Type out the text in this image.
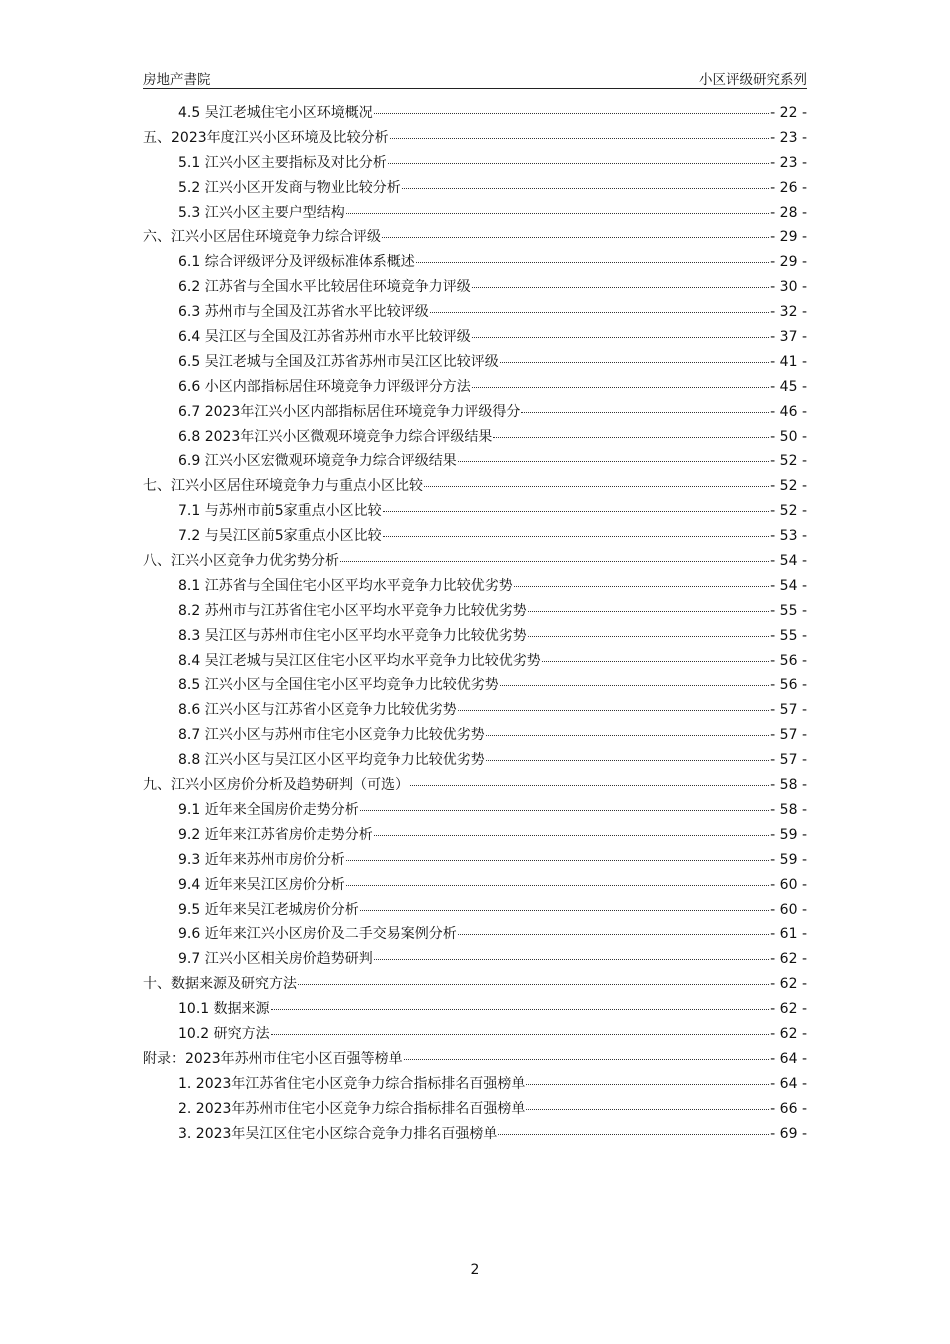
房地产書院	小区评级研究系列
4.5 吴江老城住宅小区环境概况	- 22 -
五、2023年度江兴小区环境及比较分析	- 23 -
5.1 江兴小区主要指标及对比分析	- 23 -
5.2 江兴小区开发商与物业比较分析	- 26 -
5.3 江兴小区主要户型结构	- 28 -
六、江兴小区居住环境竞争力综合评级	- 29 -
6.1 综合评级评分及评级标准体系概述	- 29 -
6.2 江苏省与全国水平比较居住环境竞争力评级	- 30 -
6.3 苏州市与全国及江苏省水平比较评级	- 32 -
6.4 吴江区与全国及江苏省苏州市水平比较评级	- 37 -
6.5 吴江老城与全国及江苏省苏州市吴江区比较评级	- 41 -
6.6 小区内部指标居住环境竞争力评级评分方法	- 45 -
6.7 2023年江兴小区内部指标居住环境竞争力评级得分	- 46 -
6.8 2023年江兴小区微观环境竞争力综合评级结果	- 50 -
6.9 江兴小区宏微观环境竞争力综合评级结果	- 52 -
七、江兴小区居住环境竞争力与重点小区比较	- 52 -
7.1 与苏州市前5家重点小区比较	- 52 -
7.2 与吴江区前5家重点小区比较	- 53 -
八、江兴小区竞争力优劣势分析	- 54 -
8.1 江苏省与全国住宅小区平均水平竞争力比较优劣势	- 54 -
8.2 苏州市与江苏省住宅小区平均水平竞争力比较优劣势	- 55 -
8.3 吴江区与苏州市住宅小区平均水平竞争力比较优劣势	- 55 -
8.4 吴江老城与吴江区住宅小区平均水平竞争力比较优劣势	- 56 -
8.5 江兴小区与全国住宅小区平均竞争力比较优劣势	- 56 -
8.6 江兴小区与江苏省小区竞争力比较优劣势	- 57 -
8.7 江兴小区与苏州市住宅小区竞争力比较优劣势	- 57 -
8.8 江兴小区与吴江区小区平均竞争力比较优劣势	- 57 -
九、江兴小区房价分析及趋势研判（可选）	- 58 -
9.1 近年来全国房价走势分析	- 58 -
9.2 近年来江苏省房价走势分析	- 59 -
9.3 近年来苏州市房价分析	- 59 -
9.4 近年来吴江区房价分析	- 60 -
9.5 近年来吴江老城房价分析	- 60 -
9.6 近年来江兴小区房价及二手交易案例分析	- 61 -
9.7 江兴小区相关房价趋势研判	- 62 -
十、数据来源及研究方法	- 62 -
10.1 数据来源	- 62 -
10.2 研究方法	- 62 -
附录：2023年苏州市住宅小区百强等榜单	- 64 -
1. 2023年江苏省住宅小区竞争力综合指标排名百强榜单	- 64 -
2. 2023年苏州市住宅小区竞争力综合指标排名百强榜单	- 66 -
3. 2023年吴江区住宅小区综合竞争力排名百强榜单	- 69 -
2
